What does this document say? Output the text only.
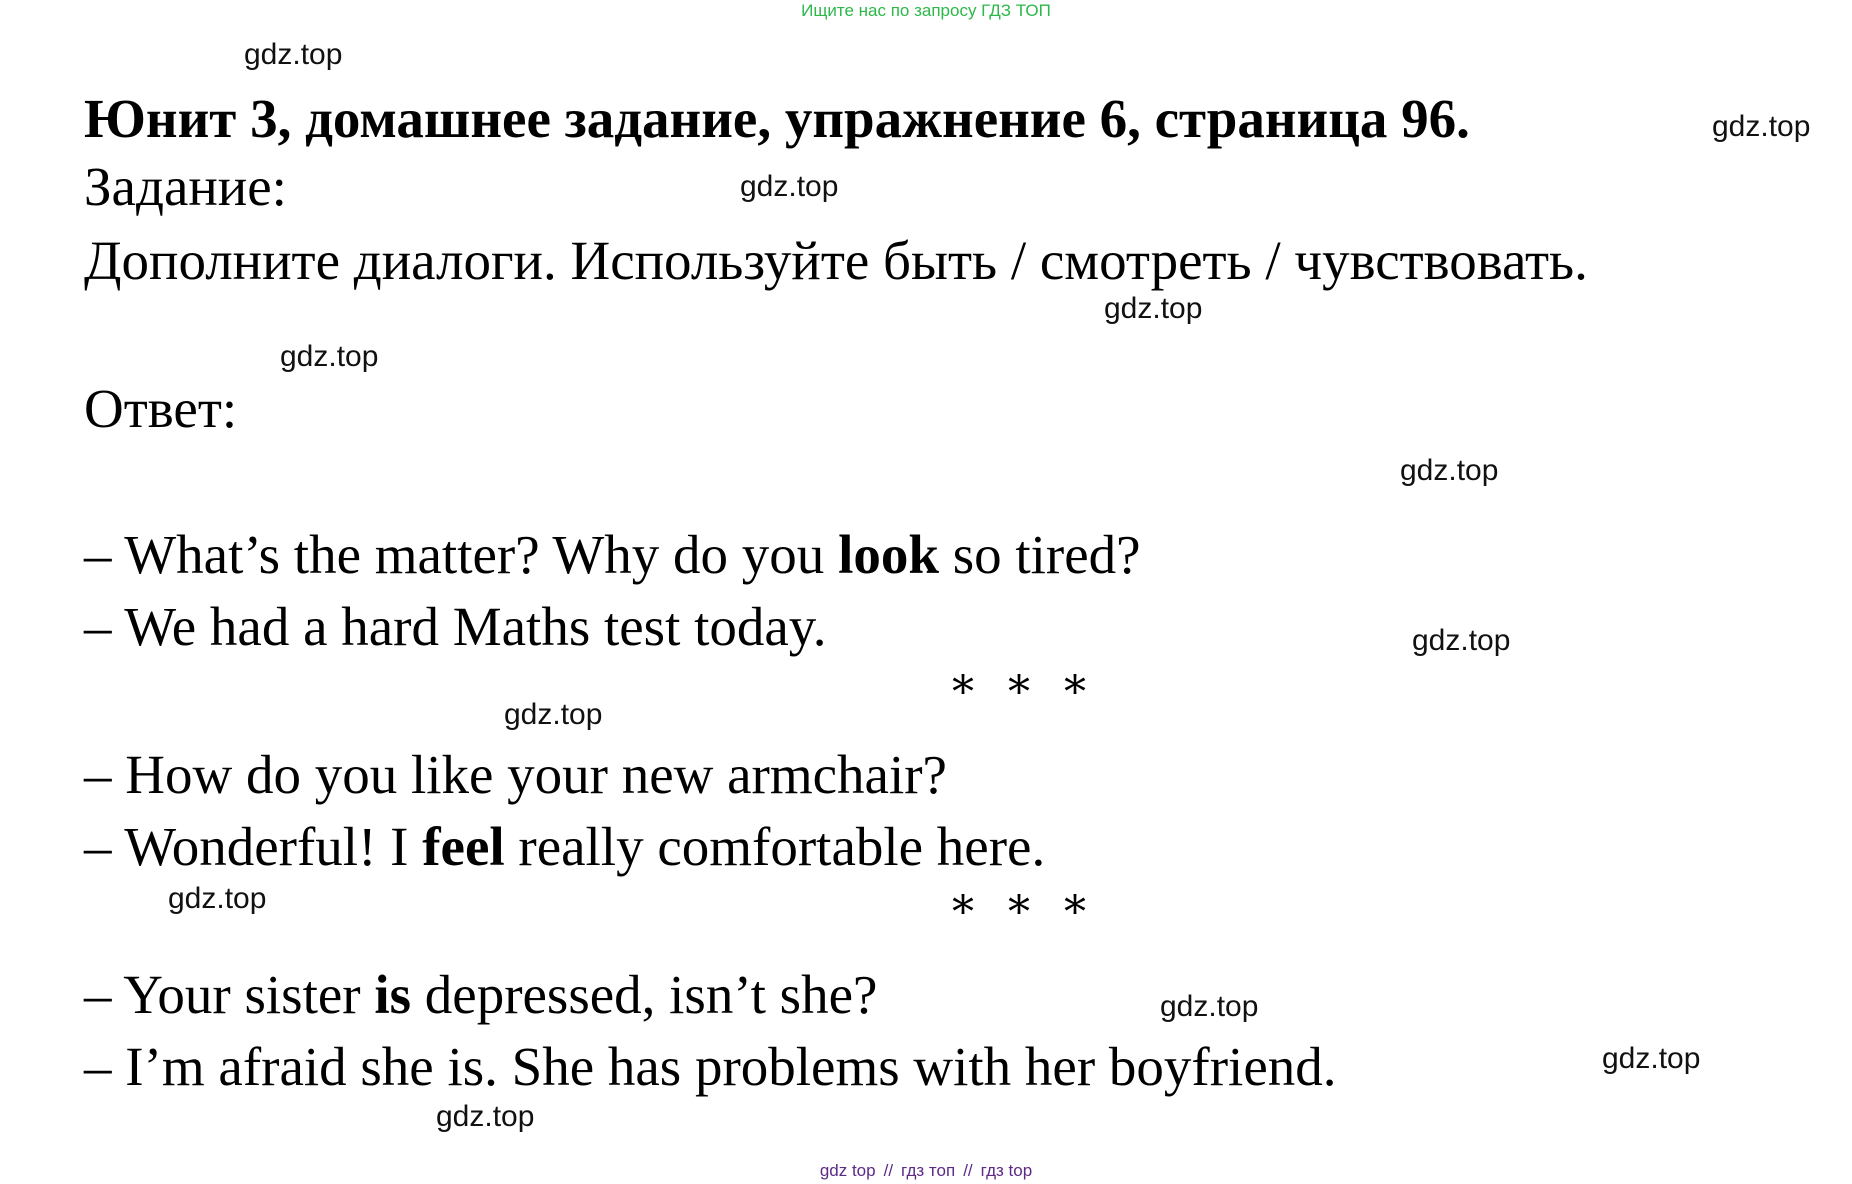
Ищите нас по запросу ГДЗ ТОП
gdz.top
Юнит 3, домашнее задание, упражнение 6, страница 96.	gdz.top
Задание:	gdz.top
Дополните диалоги. Используйте быть / смотреть / чувствовать.
gdz.top
gdz.top
Ответ:
gdz.top
– What’s the matter? Why do you look so tired?
– We had a hard Maths test today.	gdz.top
* * *
gdz.top
– How do you like your new armchair?
– Wonderful! I feel really comfortable here.
gdz.top	* * *
– Your sister is depressed, isn’t she?	gdz.top
– I’m afraid she is. She has problems with her boyfriend.	gdz.top
gdz.top
gdz top // гдз топ // гдз top
